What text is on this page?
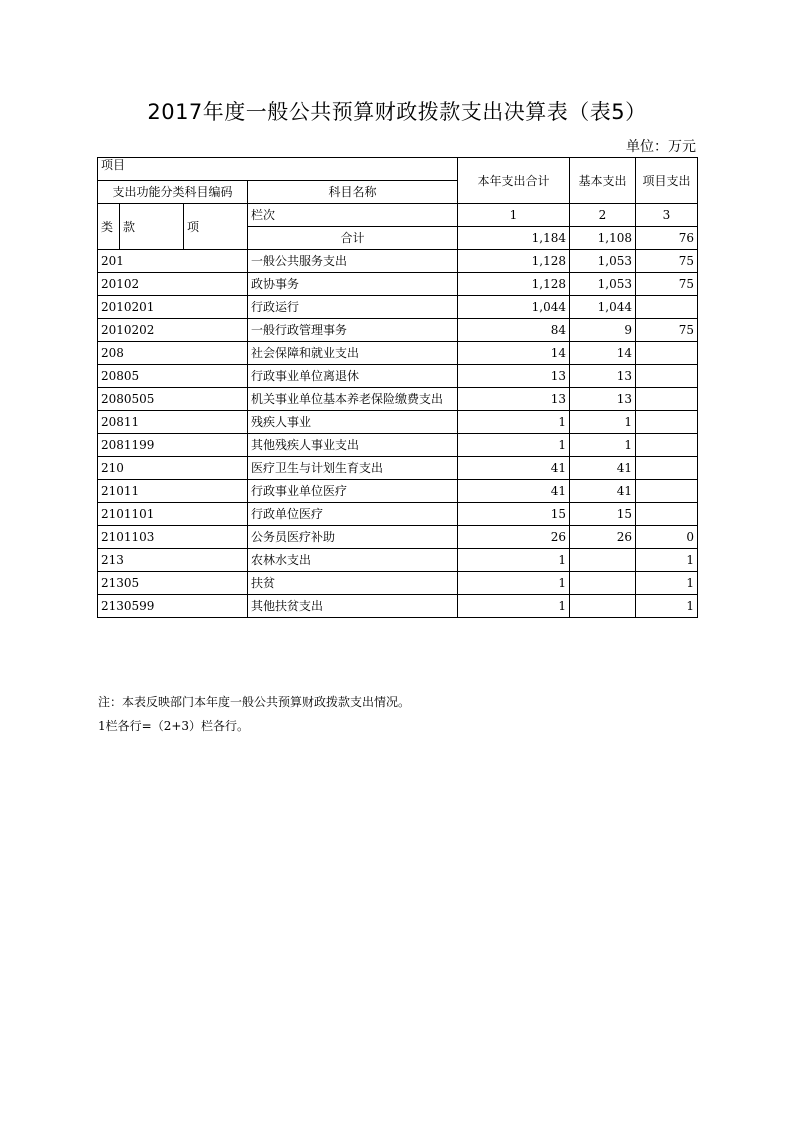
2017年度一般公共预算财政拨款支出决算表（表5）
单位：万元
项目				本年支出合计	基本支出	项目支出
支出功能分类科目编码			科目名称			

类	款	项	栏次	1	2	3
			合计	1,184	1,108	76
201			一般公共服务支出	1,128	1,053	75
20102			政协事务	1,128	1,053	75
2010201			行政运行	1,044	1,044	
2010202			一般行政管理事务	84	9	75
208			社会保障和就业支出	14	14	
20805			行政事业单位离退休	13	13	
2080505			机关事业单位基本养老保险缴费支出	13	13	
20811			残疾人事业	1	1	
2081199			其他残疾人事业支出	1	1	
210			医疗卫生与计划生育支出	41	41	
21011			行政事业单位医疗	41	41	
2101101			行政单位医疗	15	15	
2101103			公务员医疗补助	26	26	0
213			农林水支出	1		1
21305			扶贫	1		1
2130599			其他扶贫支出	1		1
注：本表反映部门本年度一般公共预算财政拨款支出情况。
1栏各行=（2+3）栏各行。
